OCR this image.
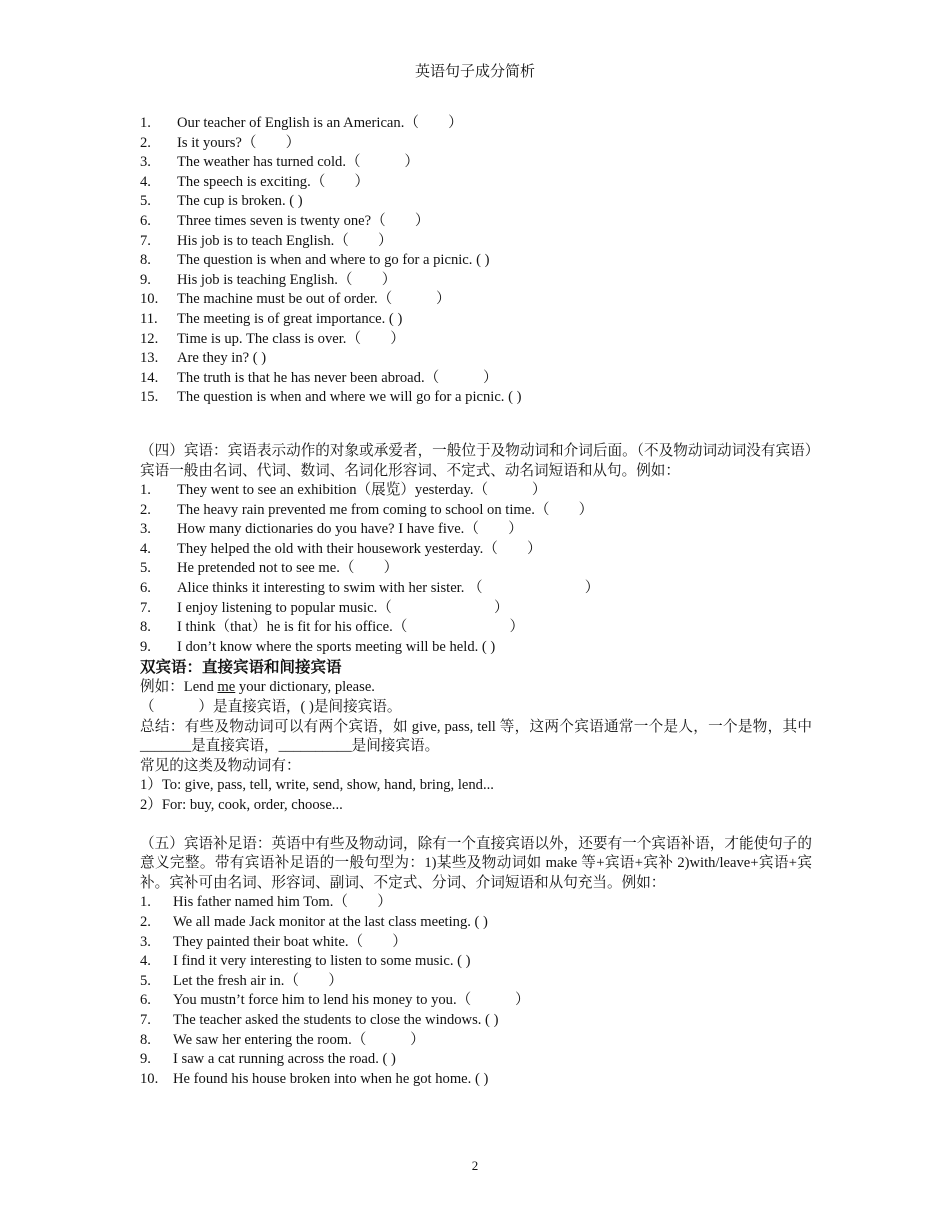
英语句子成分简析
1.	Our teacher of English is an American.（　　）
2.	Is it yours?（　　）
3.	The weather has turned cold.（　　　）
4.	The speech is exciting.（　　）
5.	The cup is broken. ( )
6.	Three times seven is twenty one?（　　）
7.	His job is to teach English.（　　）
8.	The question is when and where to go for a picnic. ( )
9.	His job is teaching English.（　　）
10.	The machine must be out of order.（　　　）
11.	The meeting is of great importance. ( )
12.	Time is up. The class is over.（　　）
13.	Are they in? ( )
14.	The truth is that he has never been abroad.（　　　）
15.	The question is when and where we will go for a picnic. ( )

（四）宾语：宾语表示动作的对象或承爱者，一般位于及物动词和介词后面。（不及物动词动词没有宾语）宾语一般由名词、代词、数词、名词化形容词、不定式、动名词短语和从句。例如：

1.	They went to see an exhibition（展览）yesterday.（　　　）
2.	The heavy rain prevented me from coming to school on time.（　　）
3.	How many dictionaries do you have? I have five.（　　）
4.	They helped the old with their housework yesterday.（　　）
5.	He pretended not to see me.（　　）
6.	Alice thinks it interesting to swim with her sister. （　　　　　　　）
7.	I enjoy listening to popular music.（　　　　　　　）
8.	I think（that）he is fit for his office.（　　　　　　　）
9.	I don’t know where the sports meeting will be held. ( )
双宾语：直接宾语和间接宾语
例如：Lend me your dictionary, please.
（　　　）是直接宾语，( )是间接宾语。

总结：有些及物动词可以有两个宾语，如 give, pass, tell 等，这两个宾语通常一个是人，一个是物，其中_______是直接宾语，__________是间接宾语。

常见的这类及物动词有：
1）To: give, pass, tell, write, send, show, hand, bring, lend...
2）For: buy, cook, order, choose...

（五）宾语补足语：英语中有些及物动词，除有一个直接宾语以外，还要有一个宾语补语，才能使句子的意义完整。带有宾语补足语的一般句型为：1)某些及物动词如 make 等+宾语+宾补 2)with/leave+宾语+宾补。宾补可由名词、形容词、副词、不定式、分词、介词短语和从句充当。例如：

1.	His father named him Tom.（　　）
2.	We all made Jack monitor at the last class meeting. ( )
3.	They painted their boat white.（　　）
4.	I find it very interesting to listen to some music. ( )
5.	Let the fresh air in.（　　）
6.	You mustn’t force him to lend his money to you.（　　　）
7.	The teacher asked the students to close the windows. ( )
8.	We saw her entering the room.（　　　）
9.	I saw a cat running across the road. ( )
10.	He found his house broken into when he got home. ( )
2
